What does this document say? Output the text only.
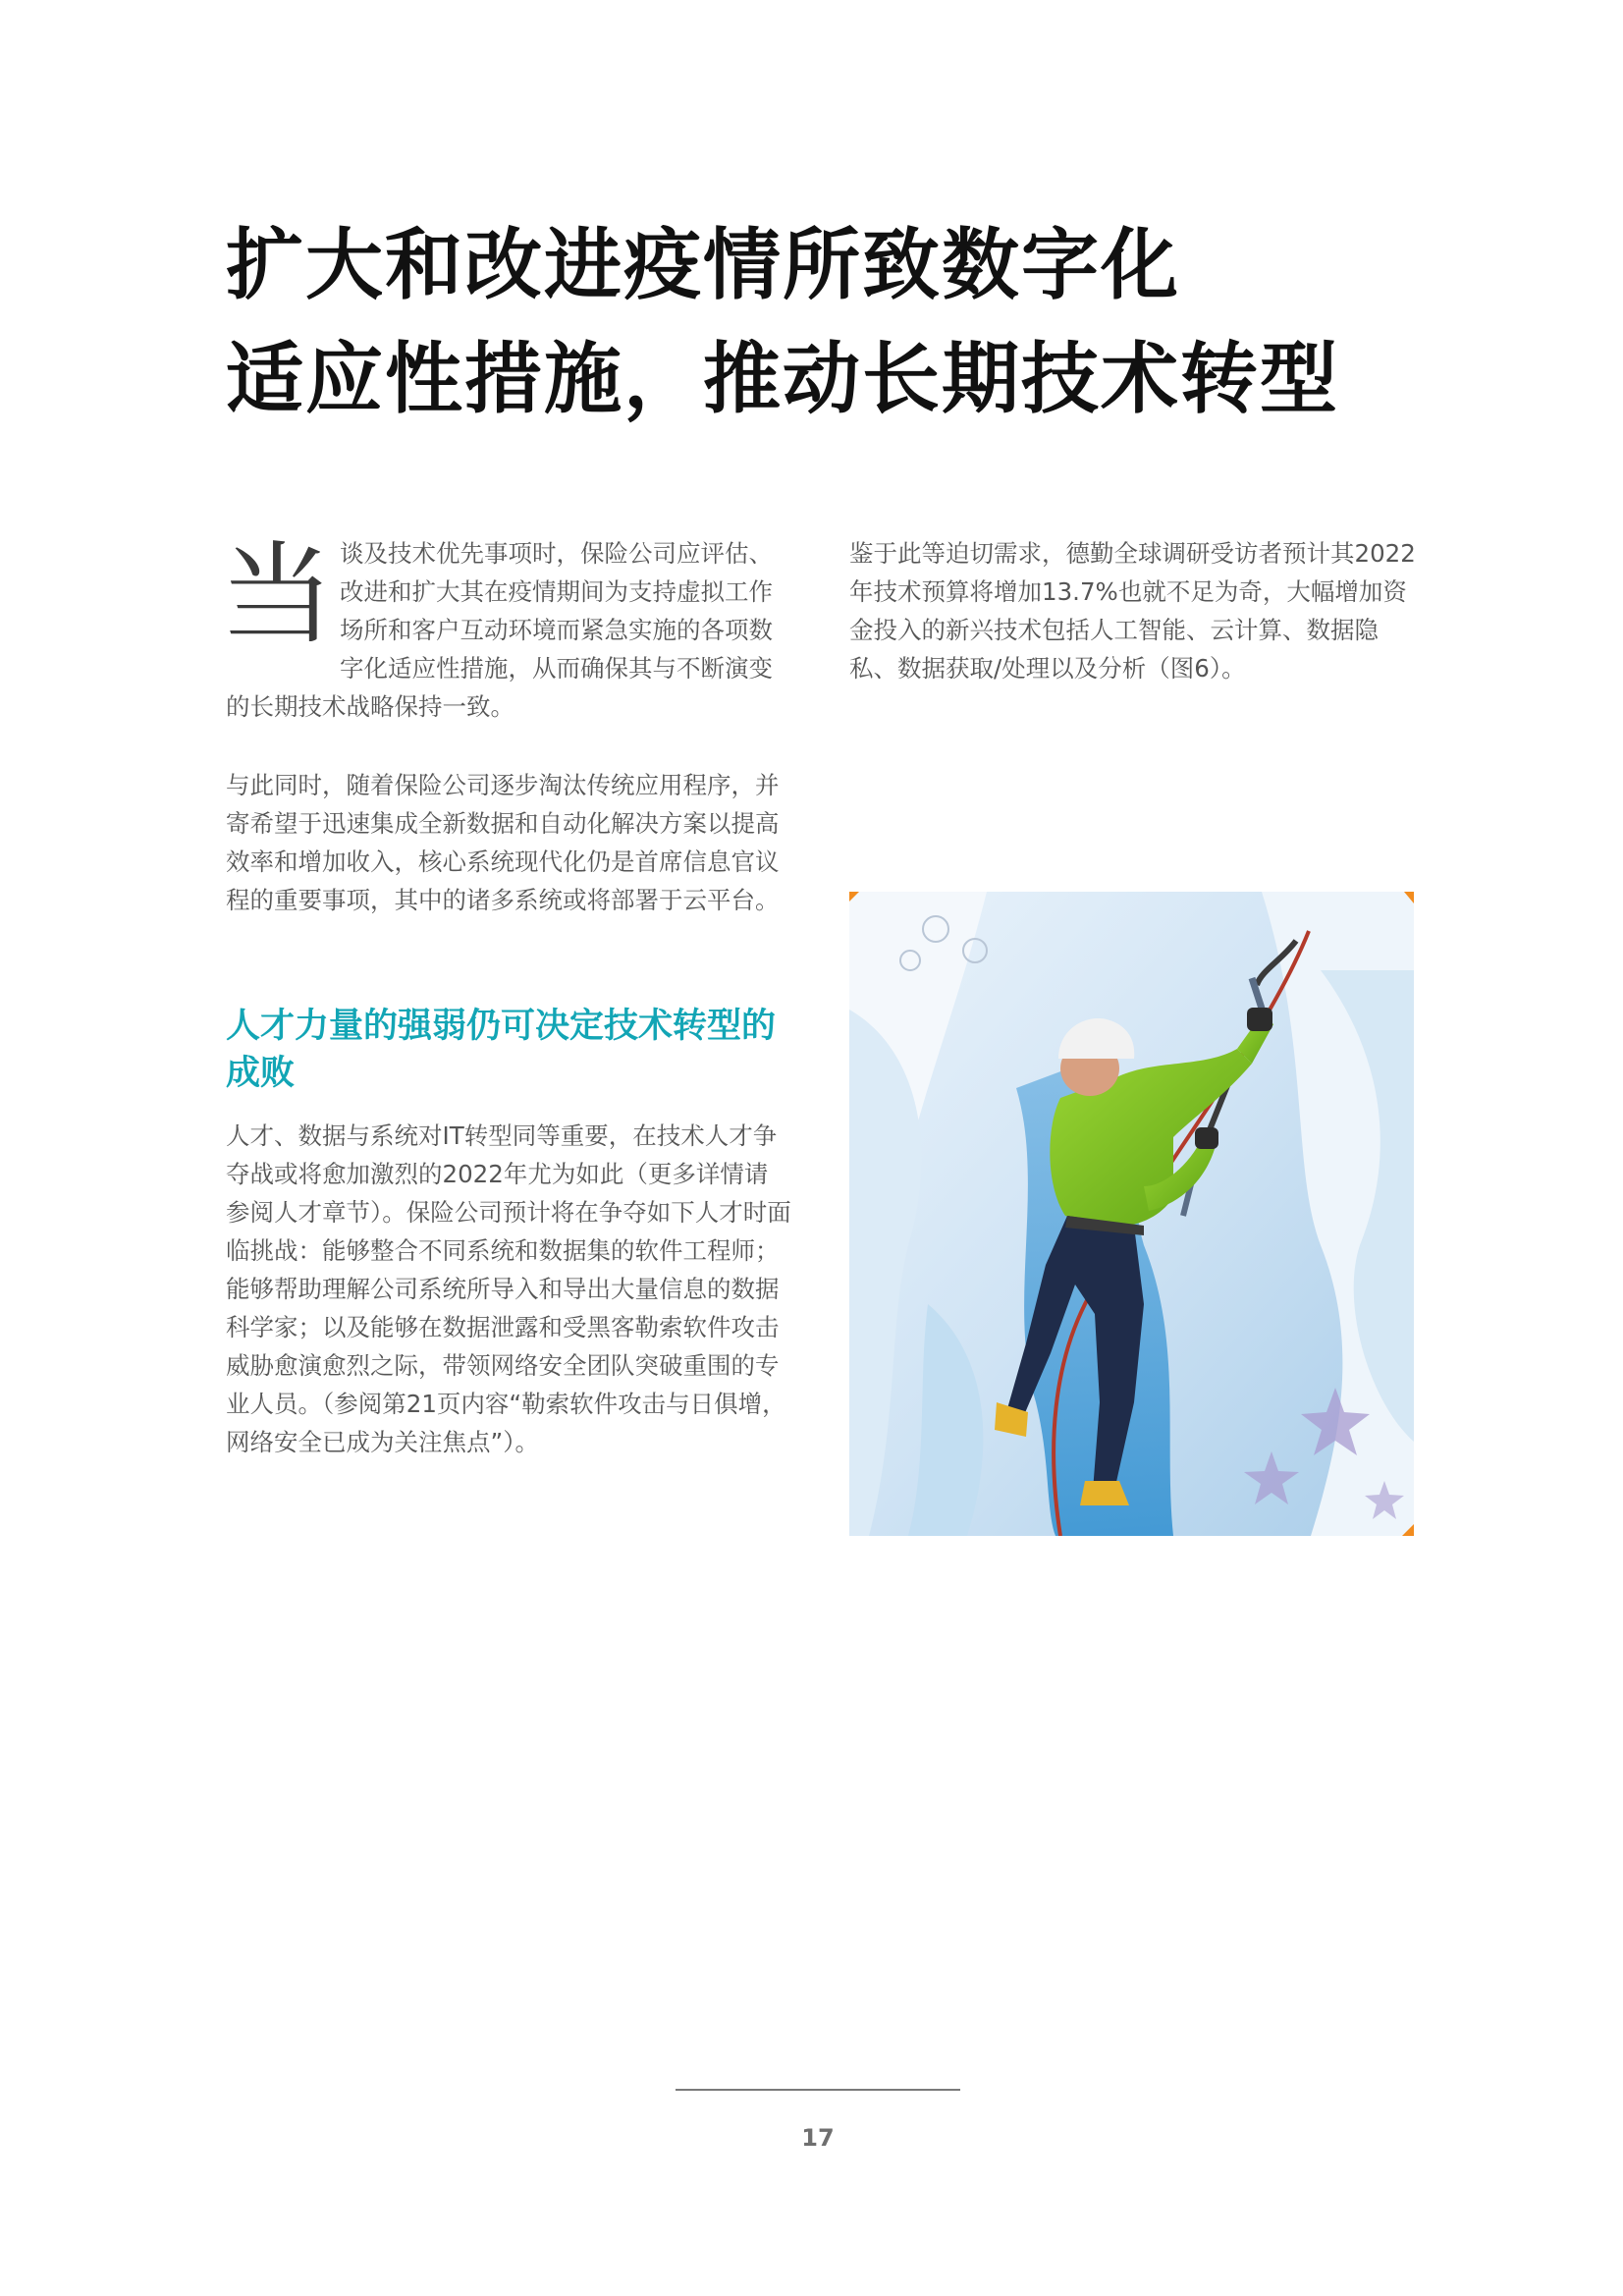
扩大和改进疫情所致数字化
适应性措施，推动长期技术转型

当谈及技术优先事项时，保险公司应评估、改进和扩大其在疫情期间为支持虚拟工作场所和客户互动环境而紧急实施的各项数字化适应性措施，从而确保其与不断演变的长期技术战略保持一致。

与此同时，随着保险公司逐步淘汰传统应用程序，并寄希望于迅速集成全新数据和自动化解决方案以提高效率和增加收入，核心系统现代化仍是首席信息官议程的重要事项，其中的诸多系统或将部署于云平台。

人才力量的强弱仍可决定技术转型的成败

人才、数据与系统对IT转型同等重要，在技术人才争夺战或将愈加激烈的2022年尤为如此（更多详情请参阅人才章节）。保险公司预计将在争夺如下人才时面临挑战：能够整合不同系统和数据集的软件工程师；能够帮助理解公司系统所导入和导出大量信息的数据科学家；以及能够在数据泄露和受黑客勒索软件攻击威胁愈演愈烈之际，带领网络安全团队突破重围的专业人员。（参阅第21页内容“勒索软件攻击与日俱增，网络安全已成为关注焦点”）。

鉴于此等迫切需求，德勤全球调研受访者预计其2022年技术预算将增加13.7%也就不足为奇，大幅增加资金投入的新兴技术包括人工智能、云计算、数据隐私、数据获取/处理以及分析（图6）。

17
